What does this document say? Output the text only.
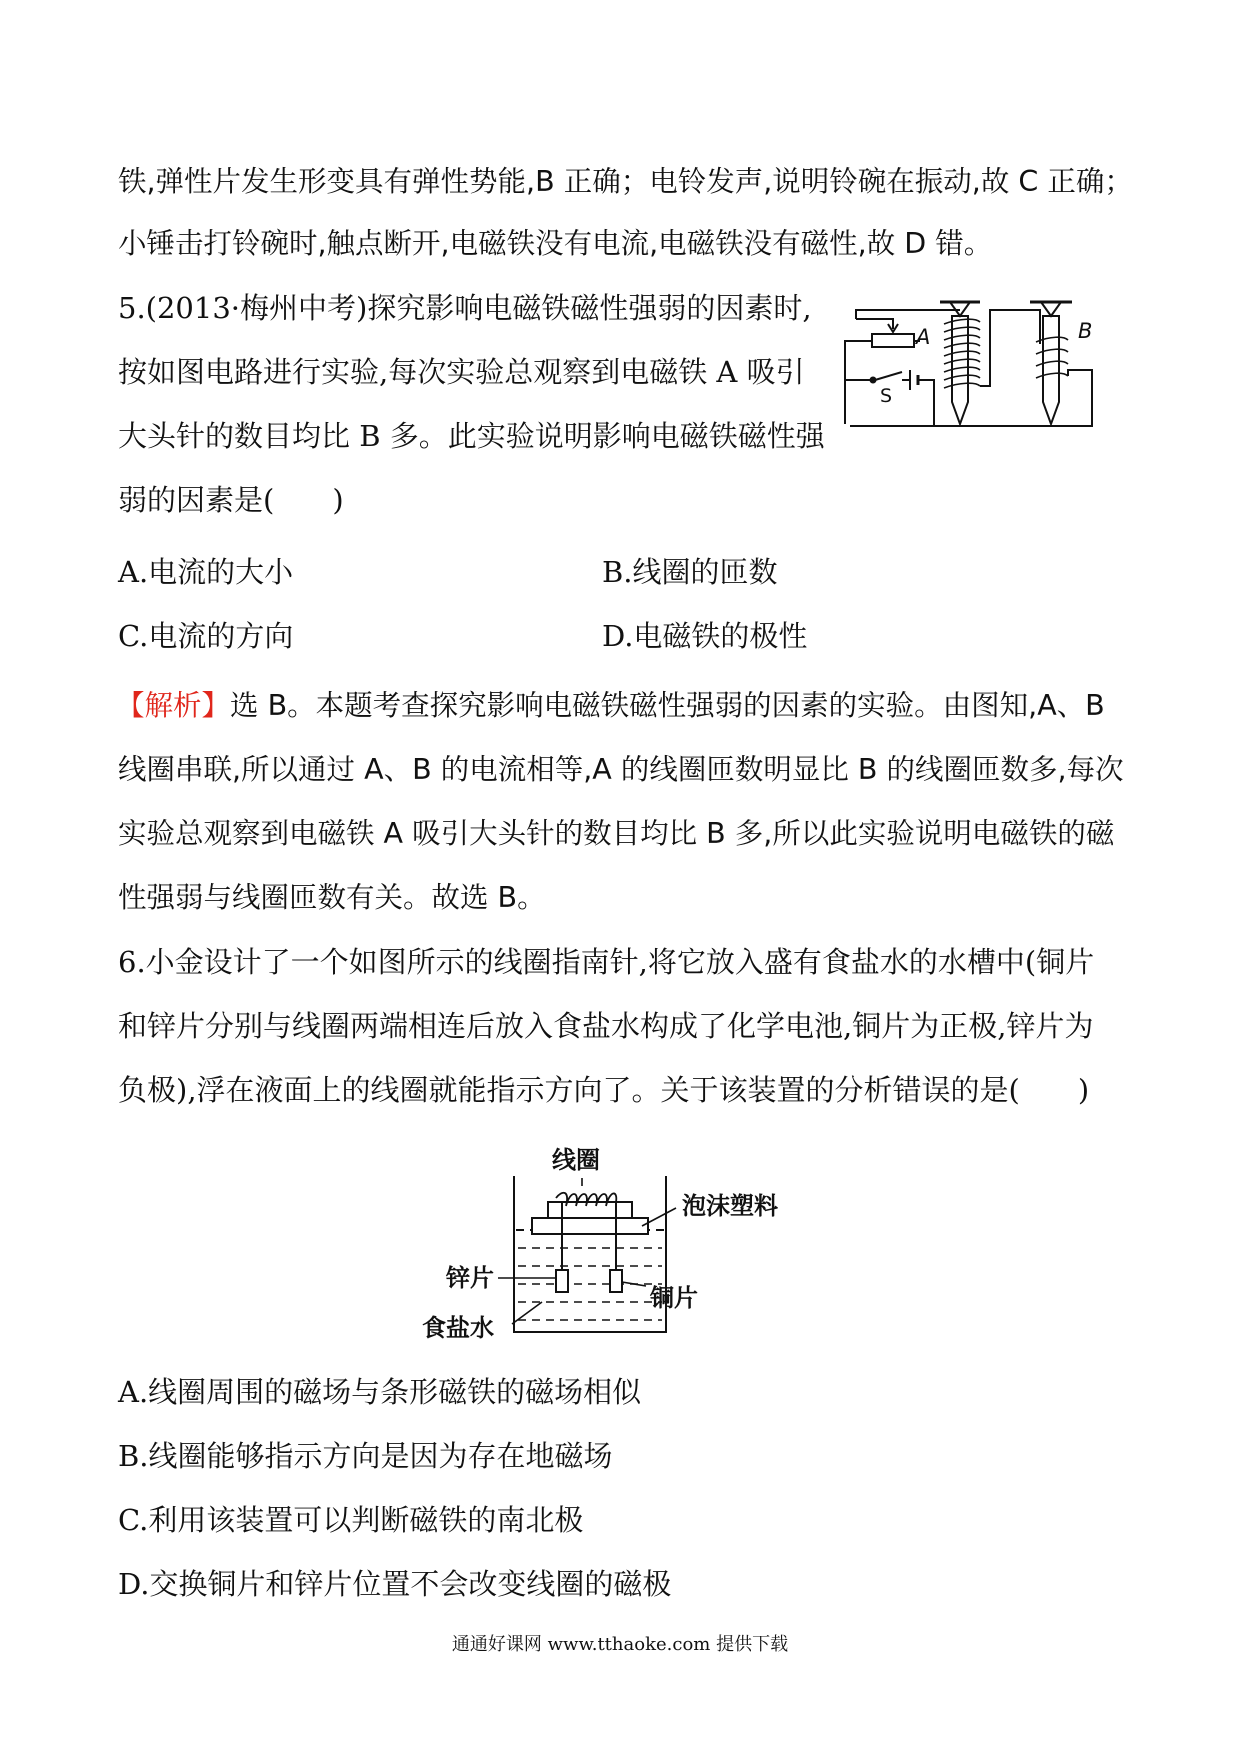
铁,弹性片发生形变具有弹性势能,B 正确；电铃发声,说明铃碗在振动,故 C 正确；
小锤击打铃碗时,触点断开,电磁铁没有电流,电磁铁没有磁性,故 D 错。
5.(2013·梅州中考)探究影响电磁铁磁性强弱的因素时,
按如图电路进行实验,每次实验总观察到电磁铁 A 吸引
大头针的数目均比 B 多。此实验说明影响电磁铁磁性强
弱的因素是(　　)
A	B
S
A.电流的大小	B.线圈的匝数
C.电流的方向	D.电磁铁的极性
【解析】选 B。本题考查探究影响电磁铁磁性强弱的因素的实验。由图知,A、B
线圈串联,所以通过 A、B 的电流相等,A 的线圈匝数明显比 B 的线圈匝数多,每次
实验总观察到电磁铁 A 吸引大头针的数目均比 B 多,所以此实验说明电磁铁的磁
性强弱与线圈匝数有关。故选 B。
6.小金设计了一个如图所示的线圈指南针,将它放入盛有食盐水的水槽中(铜片
和锌片分别与线圈两端相连后放入食盐水构成了化学电池,铜片为正极,锌片为
负极),浮在液面上的线圈就能指示方向了。关于该装置的分析错误的是(　　)
线圈
泡沫塑料
锌片
铜片
食盐水
A.线圈周围的磁场与条形磁铁的磁场相似
B.线圈能够指示方向是因为存在地磁场
C.利用该装置可以判断磁铁的南北极
D.交换铜片和锌片位置不会改变线圈的磁极
通通好课网 www.tthaoke.com 提供下载
